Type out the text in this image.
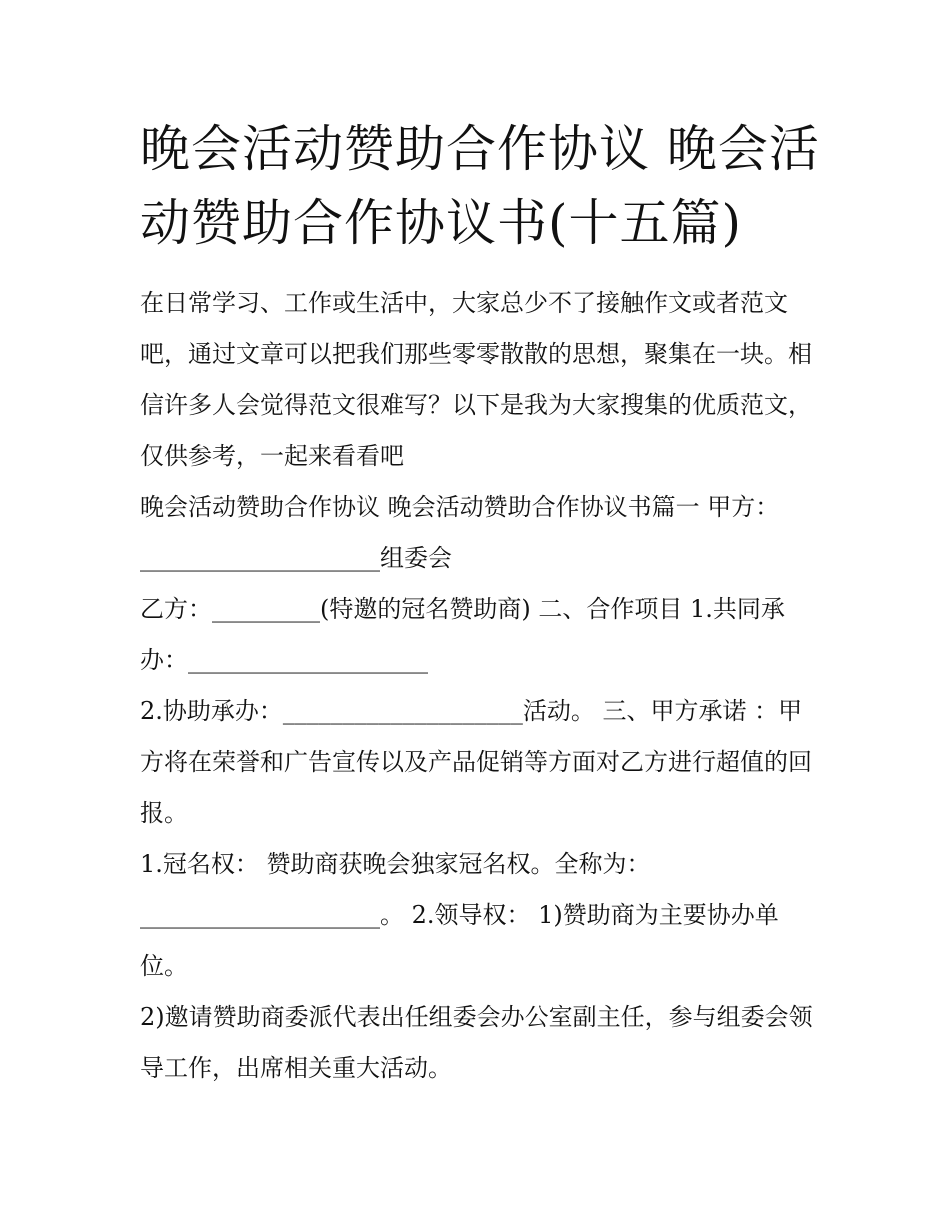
晚会活动赞助合作协议 晚会活动赞助合作协议书(十五篇)

在日常学习、工作或生活中，大家总少不了接触作文或者范文吧，通过文章可以把我们那些零零散散的思想，聚集在一块。相信许多人会觉得范文很难写？以下是我为大家搜集的优质范文，仅供参考，一起来看看吧

晚会活动赞助合作协议 晚会活动赞助合作协议书篇一 甲方：____________________组委会

乙方：_________(特邀的冠名赞助商) 二、合作项目 1.共同承办：____________________

2.协助承办：____________________活动。 三、甲方承诺 ：甲方将在荣誉和广告宣传以及产品促销等方面对乙方进行超值的回报。

1.冠名权： 赞助商获晚会独家冠名权。全称为：____________________。 2.领导权： 1)赞助商为主要协办单位。

2)邀请赞助商委派代表出任组委会办公室副主任，参与组委会领导工作，出席相关重大活动。
